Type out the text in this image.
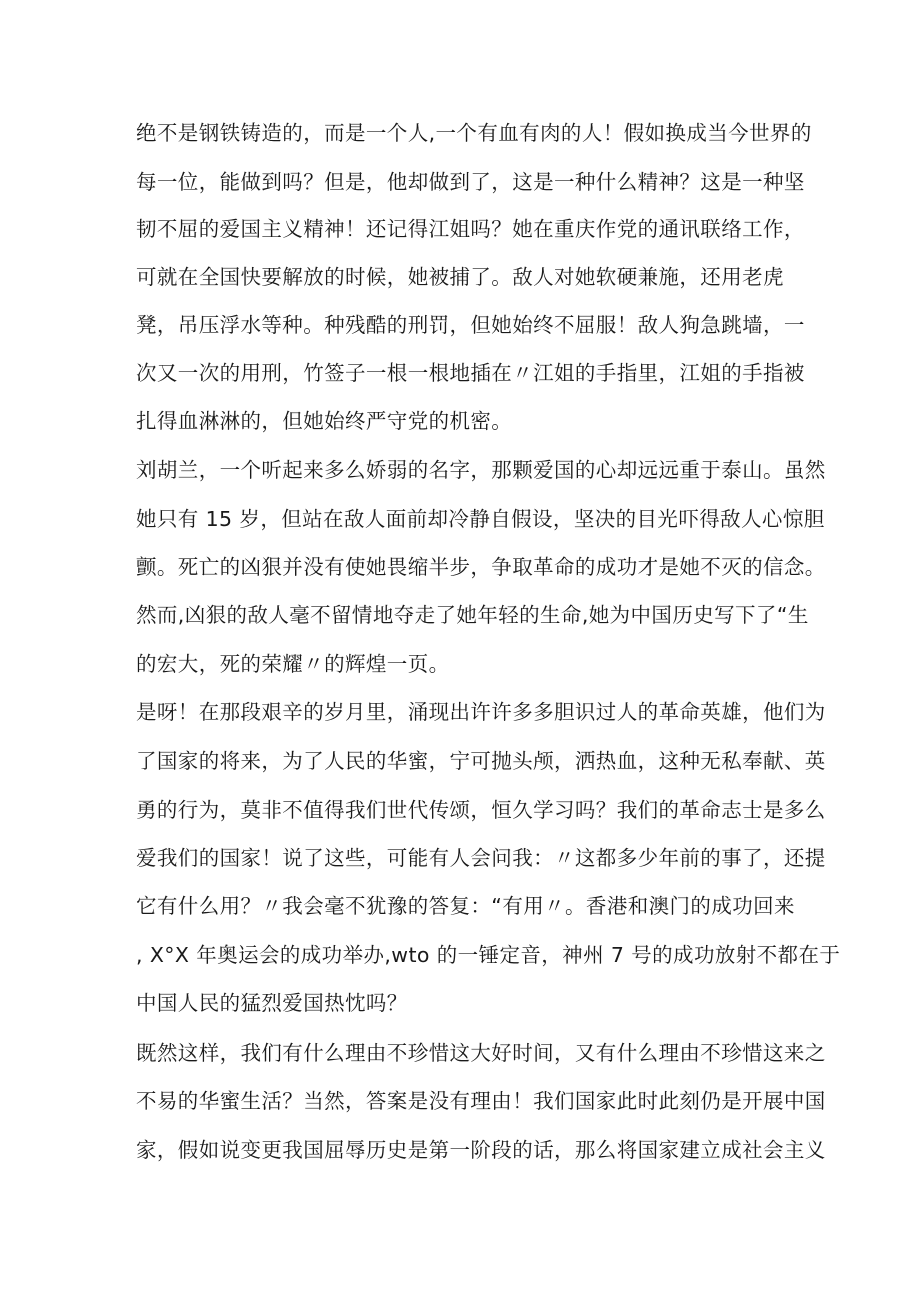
绝不是钢铁铸造的，而是一个人,一个有血有肉的人！假如换成当今世界的
每一位，能做到吗？但是，他却做到了，这是一种什么精神？这是一种坚
韧不屈的爱国主义精神！还记得江姐吗？她在重庆作党的通讯联络工作，
可就在全国快要解放的时候，她被捕了。敌人对她软硬兼施，还用老虎
凳，吊压浮水等种。种残酷的刑罚，但她始终不屈服！敌人狗急跳墙，一
次又一次的用刑，竹签子一根一根地插在〃江姐的手指里，江姐的手指被
扎得血淋淋的，但她始终严守党的机密。
刘胡兰，一个听起来多么娇弱的名字，那颗爱国的心却远远重于泰山。虽然
她只有 15 岁，但站在敌人面前却冷静自假设，坚决的目光吓得敌人心惊胆
颤。死亡的凶狠并没有使她畏缩半步，争取革命的成功才是她不灭的信念。
然而,凶狠的敌人毫不留情地夺走了她年轻的生命,她为中国历史写下了“生
的宏大，死的荣耀〃的辉煌一页。
是呀！在那段艰辛的岁月里，涌现出许许多多胆识过人的革命英雄，他们为
了国家的将来，为了人民的华蜜，宁可抛头颅，洒热血，这种无私奉献、英
勇的行为，莫非不值得我们世代传颂，恒久学习吗？我们的革命志士是多么
爱我们的国家！说了这些，可能有人会问我：〃这都多少年前的事了，还提
它有什么用？〃我会毫不犹豫的答复：“有用〃。香港和澳门的成功回来
, X°X 年奥运会的成功举办,wto 的一锤定音，神州 7 号的成功放射不都在于
中国人民的猛烈爱国热忱吗？
既然这样，我们有什么理由不珍惜这大好时间，又有什么理由不珍惜这来之
不易的华蜜生活？当然，答案是没有理由！我们国家此时此刻仍是开展中国
家，假如说变更我国屈辱历史是第一阶段的话，那么将国家建立成社会主义
